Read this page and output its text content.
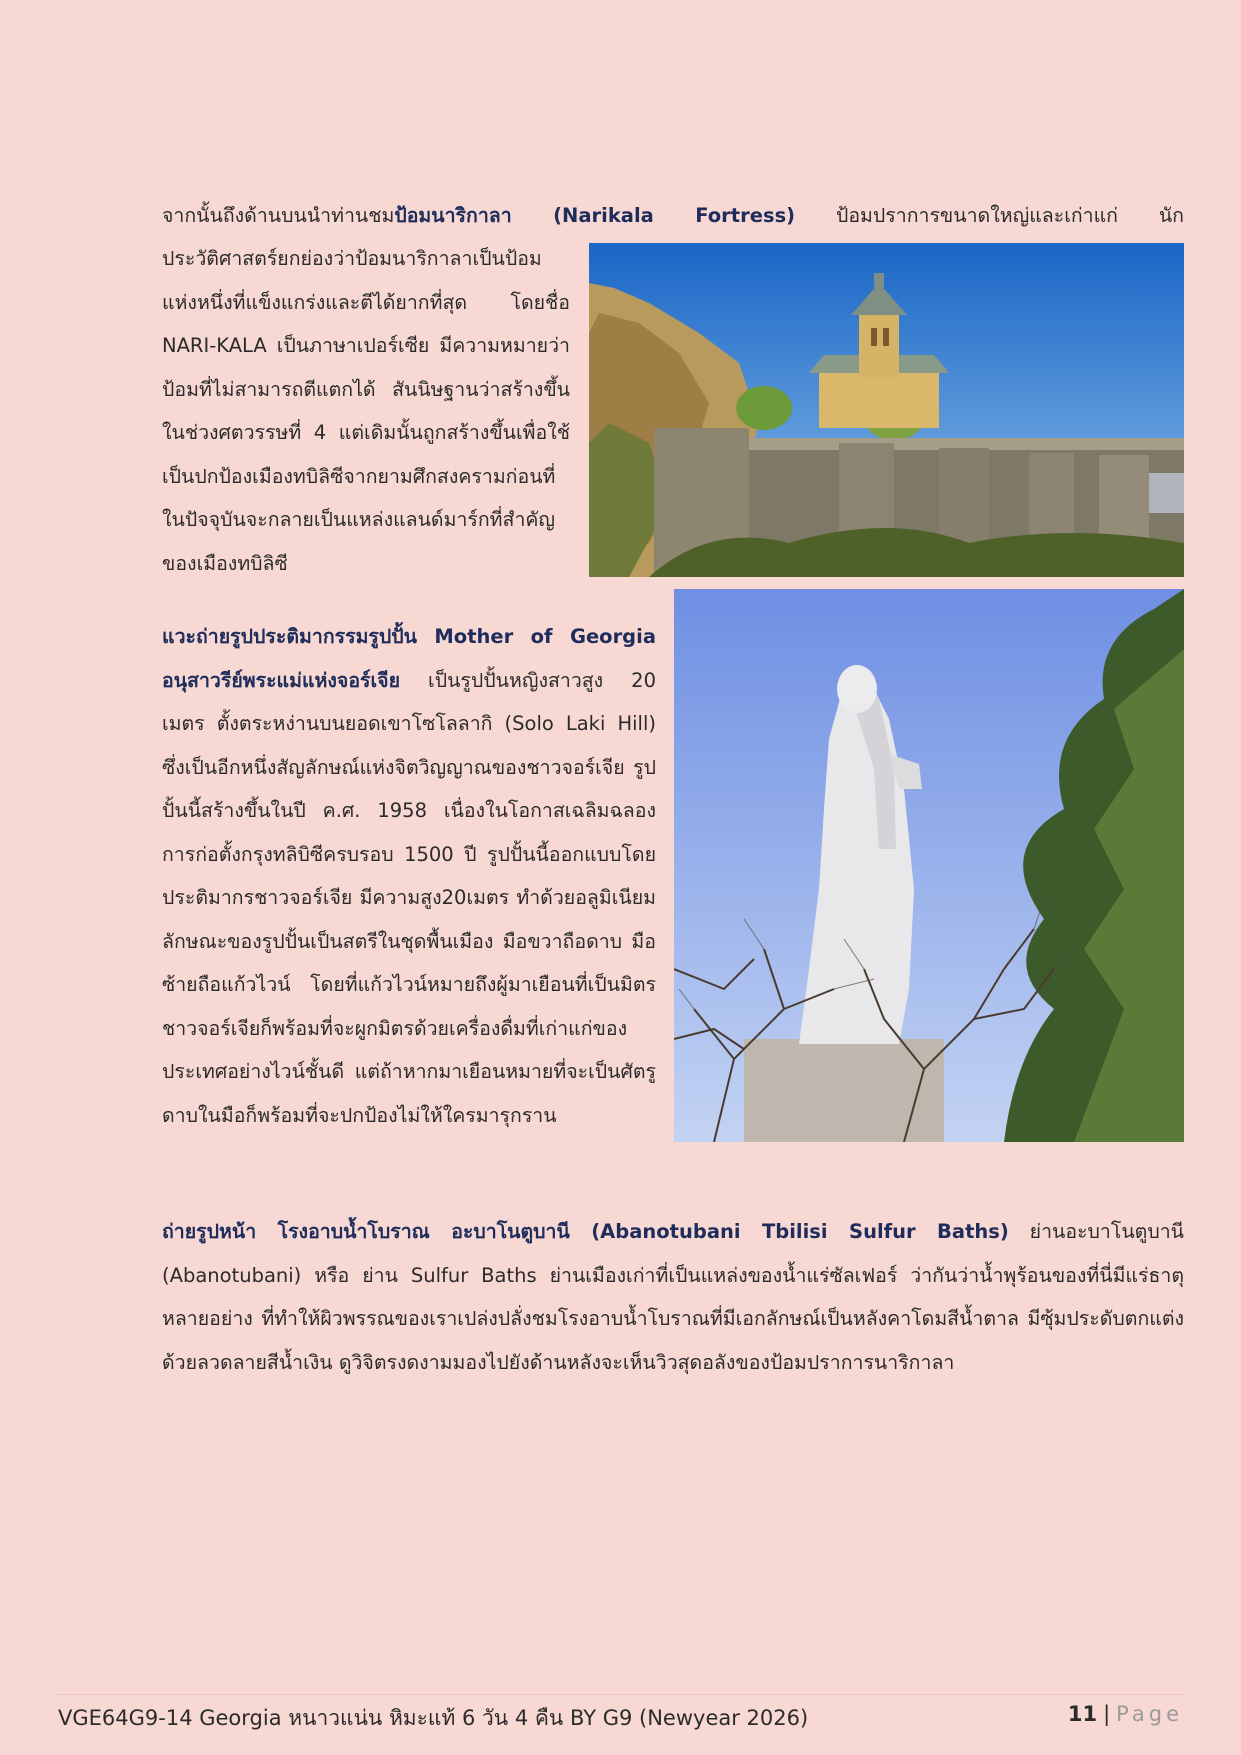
จากนั้นถึงด้านบนนำท่านชมป้อมนาริกาลา (Narikala Fortress) ป้อมปราการขนาดใหญ่และเก่าแก่ นัก

ประวัติศาสตร์ยกย่องว่าป้อมนาริกาลาเป็นป้อมแห่งหนึ่งที่แข็งแกร่งและตีได้ยากที่สุด โดยชื่อ NARI-KALA เป็นภาษาเปอร์เซีย มีความหมายว่า ป้อมที่ไม่สามารถตีแตกได้ สันนิษฐานว่าสร้างขึ้นในช่วงศตวรรษที่ 4 แต่เดิมนั้นถูกสร้างขึ้นเพื่อใช้เป็นปกป้องเมืองทบิลิซีจากยามศึกสงครามก่อนที่ในปัจจุบันจะกลายเป็นแหล่งแลนด์มาร์กที่สำคัญของเมืองทบิลิซี

แวะถ่ายรูปประติมากรรมรูปปั้น Mother of Georgia อนุสาวรีย์พระแม่แห่งจอร์เจีย เป็นรูปปั้นหญิงสาวสูง 20 เมตร ตั้งตระหง่านบนยอดเขาโซโลลากิ (Solo Laki Hill) ซึ่งเป็นอีกหนึ่งสัญลักษณ์แห่งจิตวิญญาณของชาวจอร์เจีย รูปปั้นนี้สร้างขึ้นในปี ค.ศ. 1958 เนื่องในโอกาสเฉลิมฉลองการก่อตั้งกรุงทลิบิซีครบรอบ 1500 ปี รูปปั้นนี้ออกแบบโดยประติมากรชาวจอร์เจีย มีความสูง20เมตร ทำด้วยอลูมิเนียม ลักษณะของรูปปั้นเป็นสตรีในชุดพื้นเมือง มือขวาถือดาบ มือซ้ายถือแก้วไวน์ โดยที่แก้วไวน์หมายถึงผู้มาเยือนที่เป็นมิตร ชาวจอร์เจียก็พร้อมที่จะผูกมิตรด้วยเครื่องดื่มที่เก่าแก่ของประเทศอย่างไวน์ชั้นดี แต่ถ้าหากมาเยือนหมายที่จะเป็นศัตรู ดาบในมือก็พร้อมที่จะปกป้องไม่ให้ใครมารุกราน

ถ่ายรูปหน้า โรงอาบน้ำโบราณ อะบาโนตูบานี (Abanotubani Tbilisi Sulfur Baths) ย่านอะบาโนตูบานี (Abanotubani) หรือ ย่าน Sulfur Baths ย่านเมืองเก่าที่เป็นแหล่งของน้ำแร่ซัลเฟอร์ ว่ากันว่าน้ำพุร้อนของที่นี่มีแร่ธาตุหลายอย่าง ที่ทำให้ผิวพรรณของเราเปล่งปลั่งชมโรงอาบน้ำโบราณที่มีเอกลักษณ์เป็นหลังคาโดมสีน้ำตาล มีซุ้มประดับตกแต่งด้วยลวดลายสีน้ำเงิน ดูวิจิตรงดงามมองไปยังด้านหลังจะเห็นวิวสุดอลังของป้อมปราการนาริกาลา

VGE64G9-14 Georgia หนาวแน่น หิมะแท้ 6 วัน 4 คืน BY G9 (Newyear 2026)	11 | Page
